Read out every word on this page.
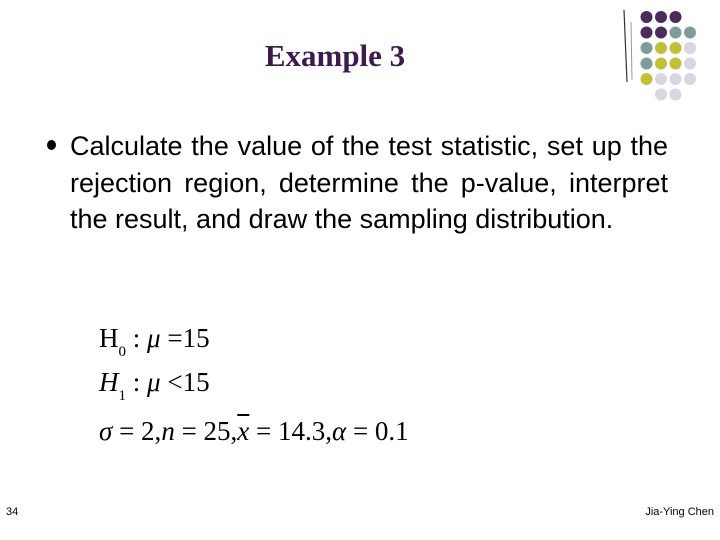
Example 3
Calculate the value of the test statistic, set up the rejection region, determine the p-value, interpret the result, and draw the sampling distribution.
$H_0$ : μ =15
$H_1$ : μ <15
$\sigma = 2,n = 25,\overline{x} = 14.3,\alpha = 0.1$
34	Jia-Ying Chen
